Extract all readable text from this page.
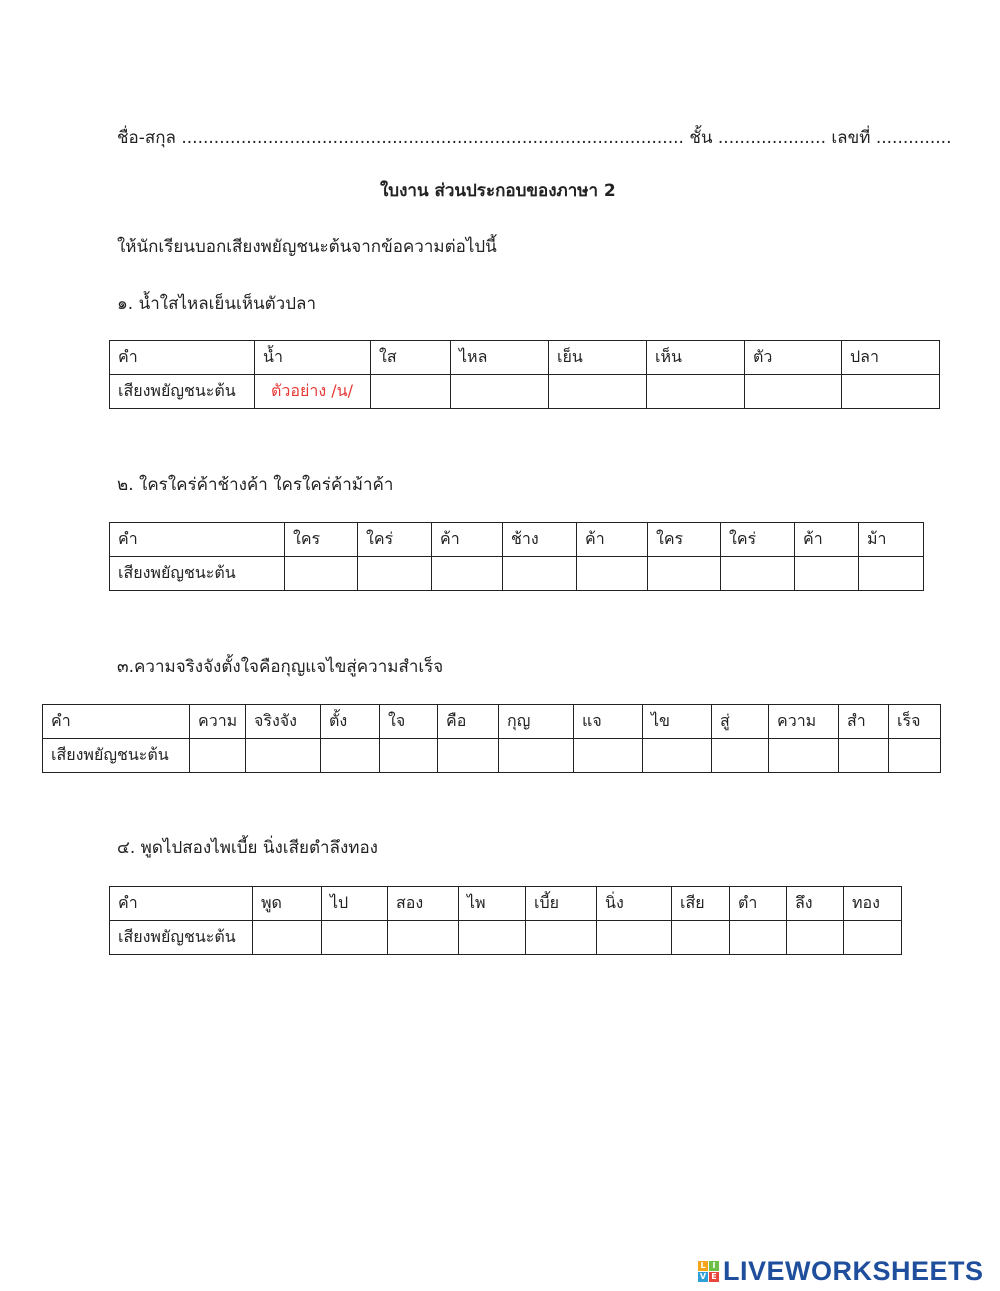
ชื่อ-สกุล ............................................................................................. ชั้น .................... เลขที่ ..............
ใบงาน ส่วนประกอบของภาษา 2
ให้นักเรียนบอกเสียงพยัญชนะต้นจากข้อความต่อไปนี้
๑. น้ำใสไหลเย็นเห็นตัวปลา
คำ	น้ำ	ใส	ไหล	เย็น	เห็น	ตัว	ปลา
เสียงพยัญชนะต้น	ตัวอย่าง /น/						
๒. ใครใคร่ค้าช้างค้า ใครใคร่ค้าม้าค้า
คำ	ใคร	ใคร่	ค้า	ช้าง	ค้า	ใคร	ใคร่	ค้า	ม้า
เสียงพยัญชนะต้น									
๓.ความจริงจังตั้งใจคือกุญแจไขสู่ความสำเร็จ
คำ	ความ	จริงจัง	ตั้ง	ใจ	คือ	กุญ	แจ	ไข	สู่	ความ	สำ	เร็จ
เสียงพยัญชนะต้น												
๔. พูดไปสองไพเบี้ย นิ่งเสียตำลึงทอง
คำ	พูด	ไป	สอง	ไพ	เบี้ย	นิ่ง	เสีย	ตำ	ลึง	ทอง
เสียงพยัญชนะต้น										
L I
V E LIVEWORKSHEETS
